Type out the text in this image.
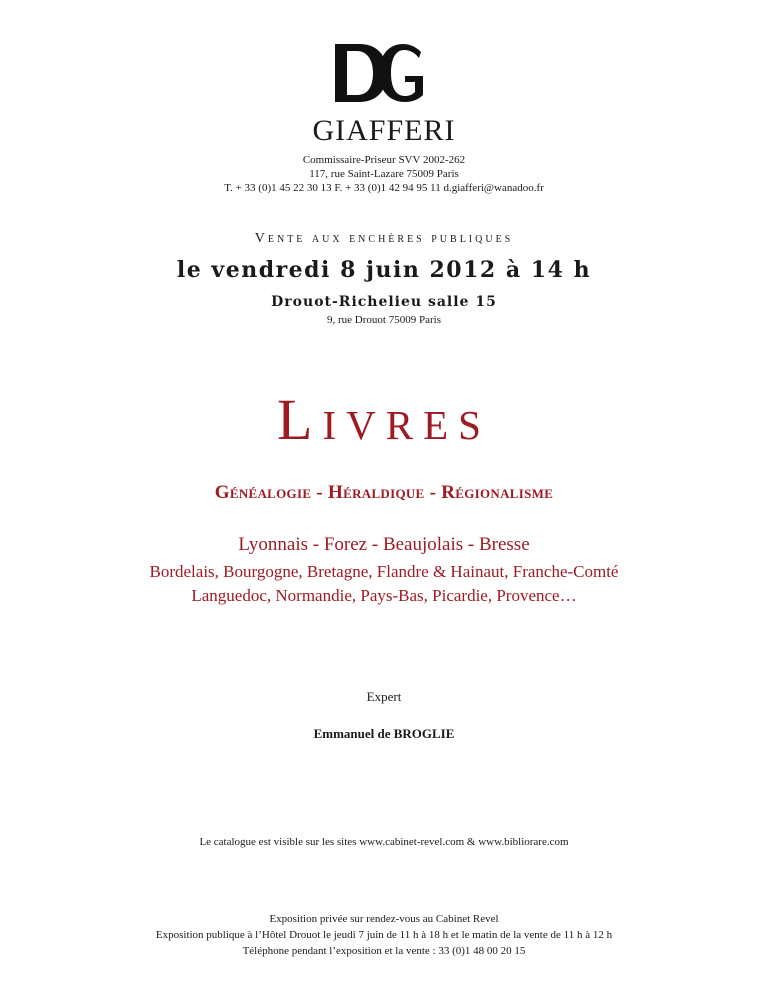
GIAFFERI
Commissaire-Priseur SVV 2002-262
117, rue Saint-Lazare 75009 Paris
T. + 33 (0)1 45 22 30 13 F. + 33 (0)1 42 94 95 11 d.giafferi@wanadoo.fr
Vente aux enchères publiques
le vendredi 8 juin 2012 à 14 h
Drouot-Richelieu salle 15
9, rue Drouot 75009 Paris
Livres
Généalogie - Héraldique - Régionalisme
Lyonnais - Forez - Beaujolais - Bresse
Bordelais, Bourgogne, Bretagne, Flandre & Hainaut, Franche-Comté
Languedoc, Normandie, Pays-Bas, Picardie, Provence…
Expert
Emmanuel de BROGLIE
Le catalogue est visible sur les sites www.cabinet-revel.com & www.bibliorare.com
Exposition privée sur rendez-vous au Cabinet Revel
Exposition publique à l’Hôtel Drouot le jeudi 7 juin de 11 h à 18 h et le matin de la vente de 11 h à 12 h
Téléphone pendant l’exposition et la vente : 33 (0)1 48 00 20 15
